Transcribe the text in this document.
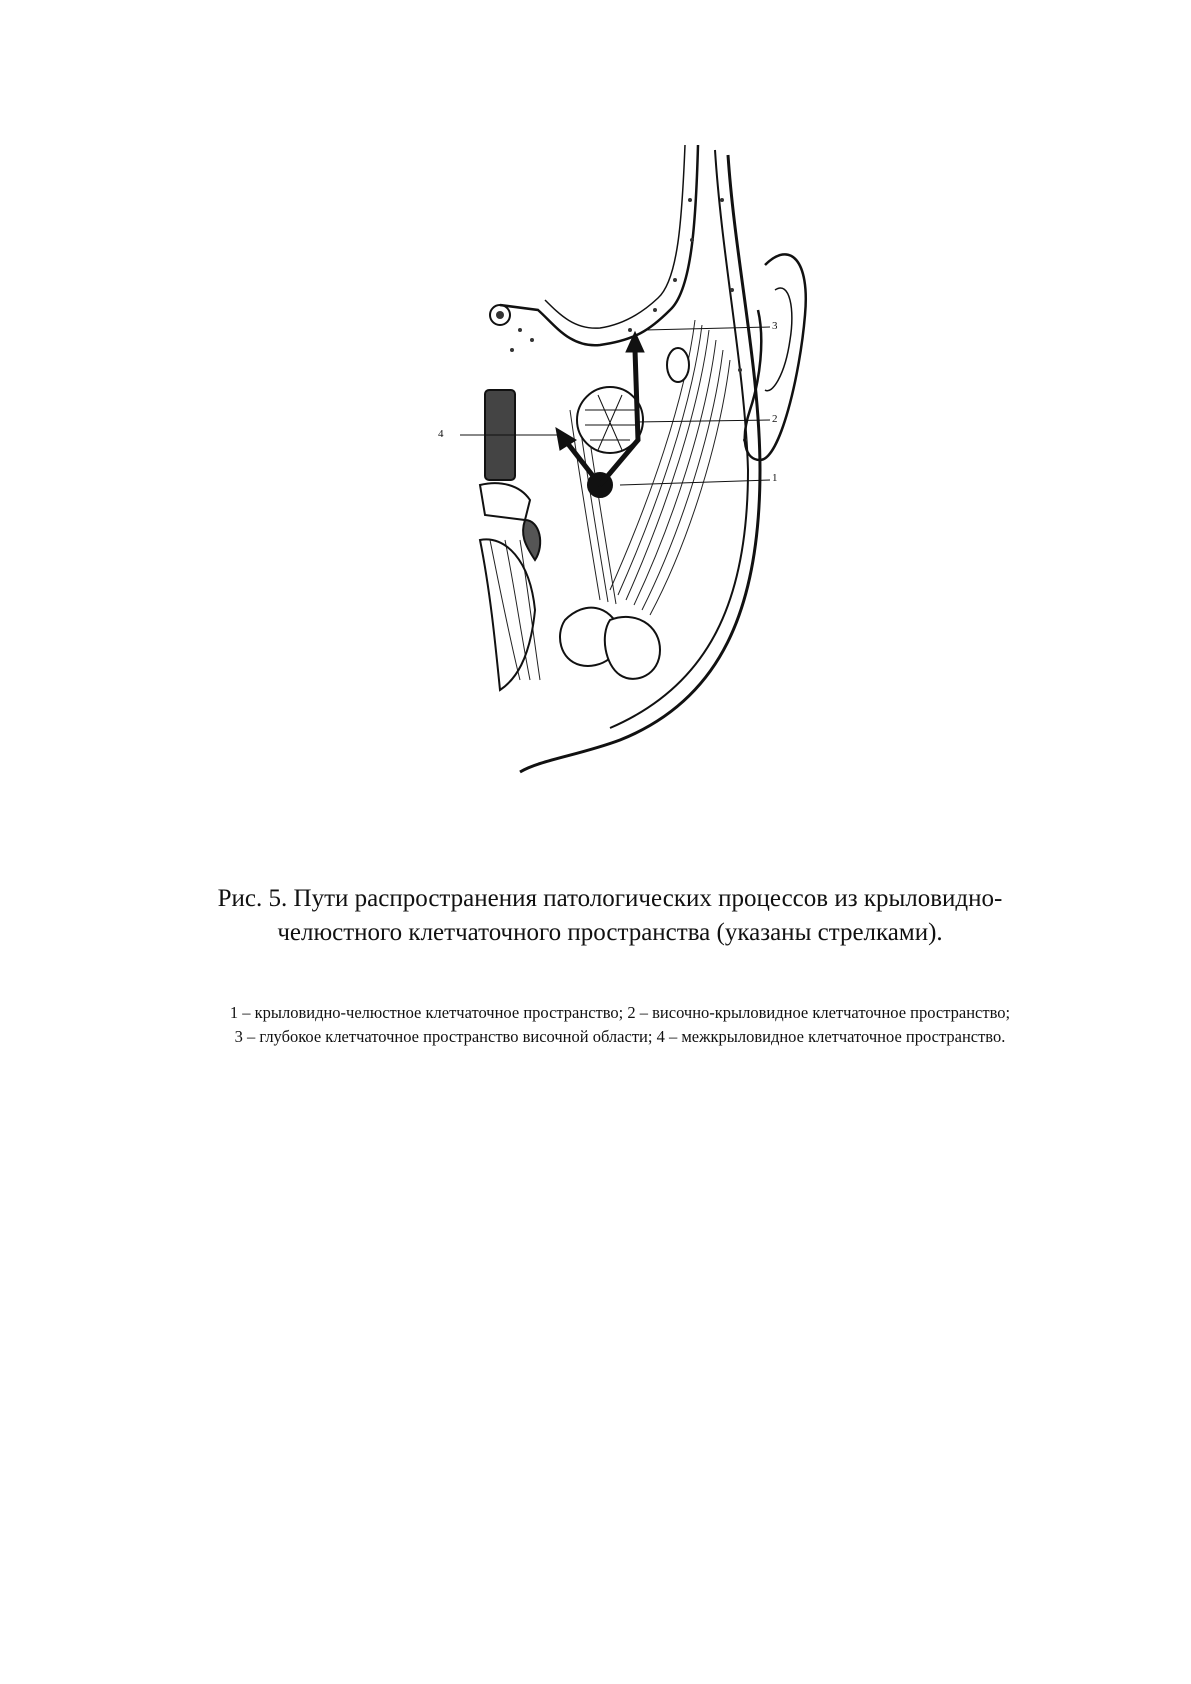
1
2
3
4
Рис. 5. Пути распространения патологических процессов из крыловидно-
челюстного клетчаточного пространства (указаны стрелками).
1 – крыловидно-челюстное клетчаточное пространство; 2 – височно-крыловидное клетчаточное пространство;
3 – глубокое клетчаточное пространство височной области; 4 – межкрыловидное клетчаточное пространство.
